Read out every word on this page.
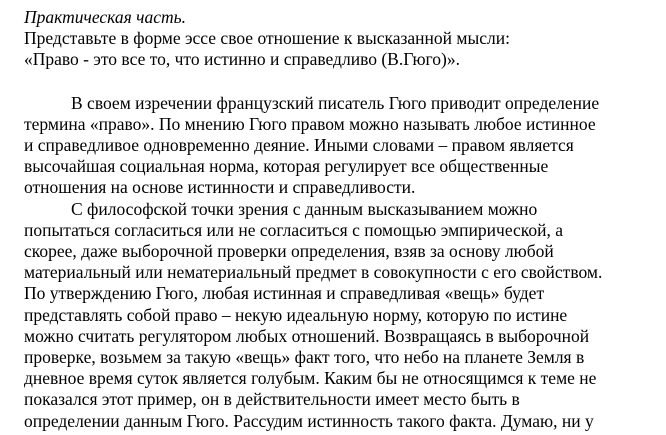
Практическая часть.
Представьте в форме эссе свое отношение к высказанной мысли:
«Право - это все то, что истинно и справедливо (В.Гюго)».
В своем изречении французский писатель Гюго приводит определение
термина «право». По мнению Гюго правом можно называть любое истинное
и справедливое одновременно деяние. Иными словами – правом является
высочайшая социальная норма, которая регулирует все общественные
отношения на основе истинности и справедливости.
С философской точки зрения с данным высказыванием можно
попытаться согласиться или не согласиться с помощью эмпирической, а
скорее, даже выборочной проверки определения, взяв за основу любой
материальный или нематериальный предмет в совокупности с его свойством.
По утверждению Гюго, любая истинная и справедливая «вещь» будет
представлять собой право – некую идеальную норму, которую по истине
можно считать регулятором любых отношений. Возвращаясь в выборочной
проверке, возьмем за такую «вещь» факт того, что небо на планете Земля в
дневное время суток является голубым. Каким бы не относящимся к теме не
показался этот пример, он в действительности имеет место быть в
определении данным Гюго. Рассудим истинность такого факта. Думаю, ни у
